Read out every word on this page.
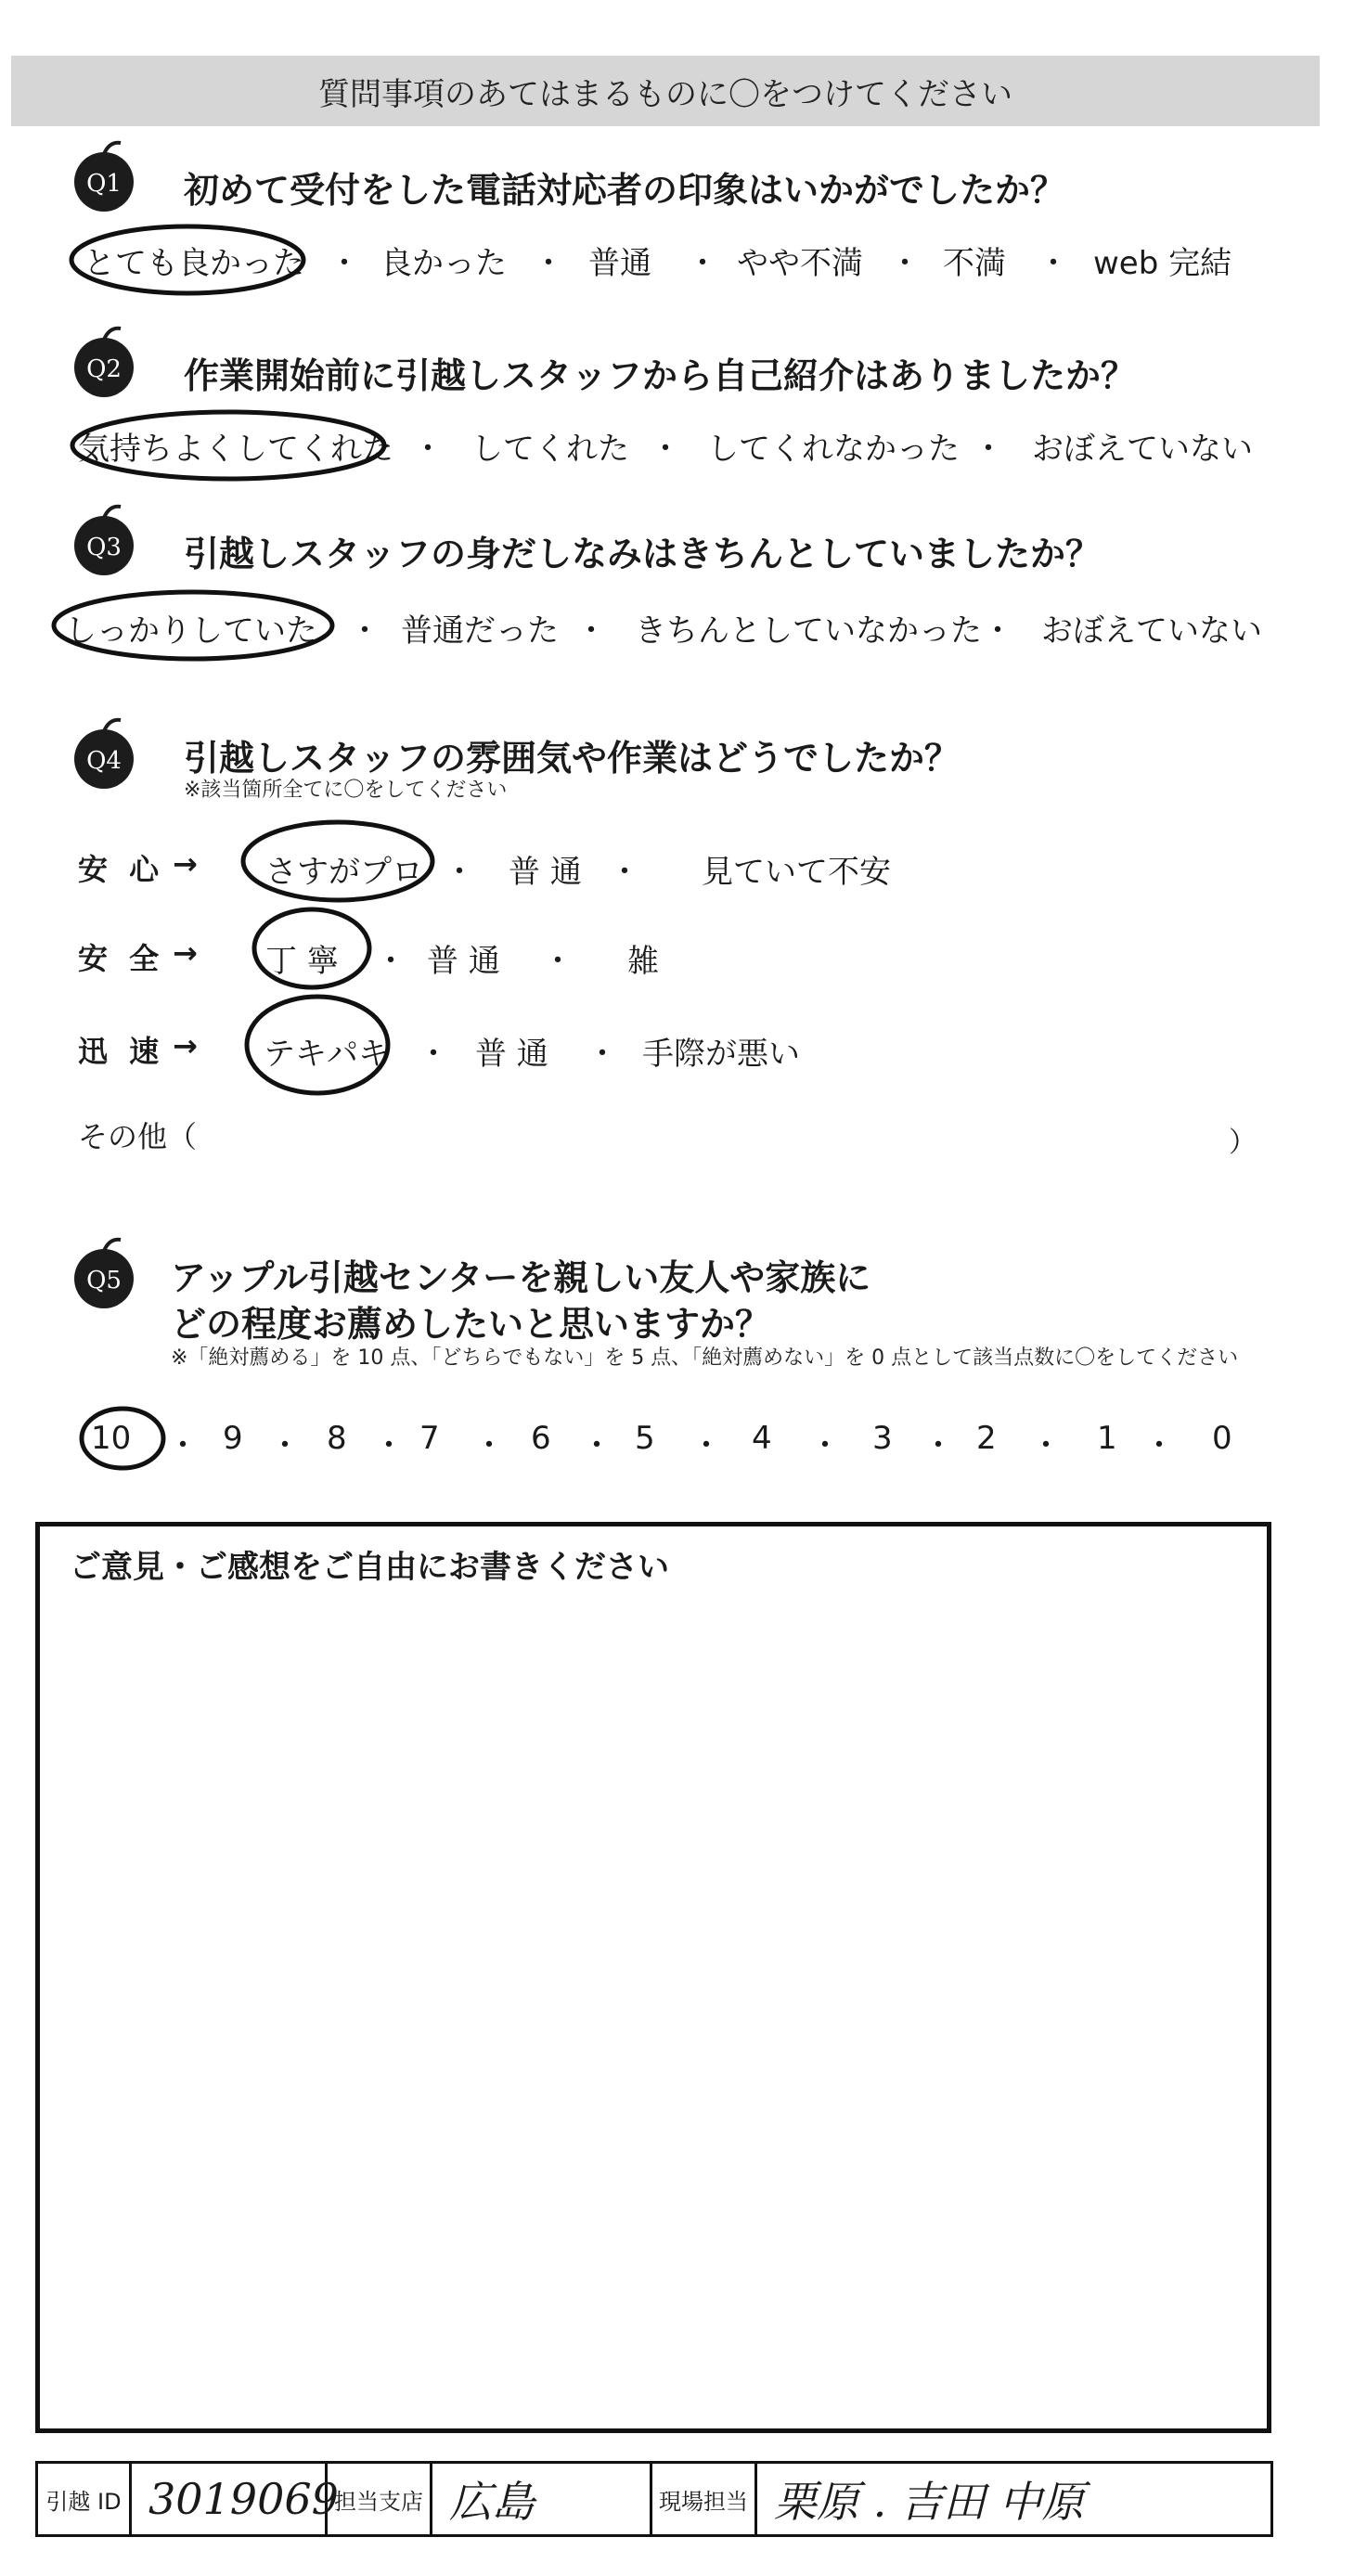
質問事項のあてはまるものに〇をつけてください
Q1 初めて受付をした電話対応者の印象はいかがでしたか？
とても良かった ・ 良かった ・ 普通 ・ やや不満 ・ 不満 ・ web 完結
Q2 作業開始前に引越しスタッフから自己紹介はありましたか？
気持ちよくしてくれた ・ してくれた ・ してくれなかった ・ おぼえていない
Q3 引越しスタッフの身だしなみはきちんとしていましたか？
しっかりしていた ・ 普通だった ・ きちんとしていなかった ・ おぼえていない
Q4 引越しスタッフの雰囲気や作業はどうでしたか？
※該当箇所全てに〇をしてください
安 心 → さすがプロ ・ 普 通 ・ 見ていて不安
安 全 → 丁 寧 ・ 普 通 ・ 雑
迅 速 → テキパキ ・ 普 通 ・ 手際が悪い
その他（	）
Q5 アップル引越センターを親しい友人や家族に
どの程度お薦めしたいと思いますか？
※「絶対薦める」を 10 点、「どちらでもない」を 5 点、「絶対薦めない」を 0 点として該当点数に〇をしてください
10 ・ 9 ・ 8 ・ 7 ・ 6 ・ 5 ・ 4 ・ 3 ・ 2 ・ 1 ・ 0
ご意見・ご感想をご自由にお書きください
引越 ID 3019069
担当支店 広島	現場担当 栗原 . 吉田 中原
